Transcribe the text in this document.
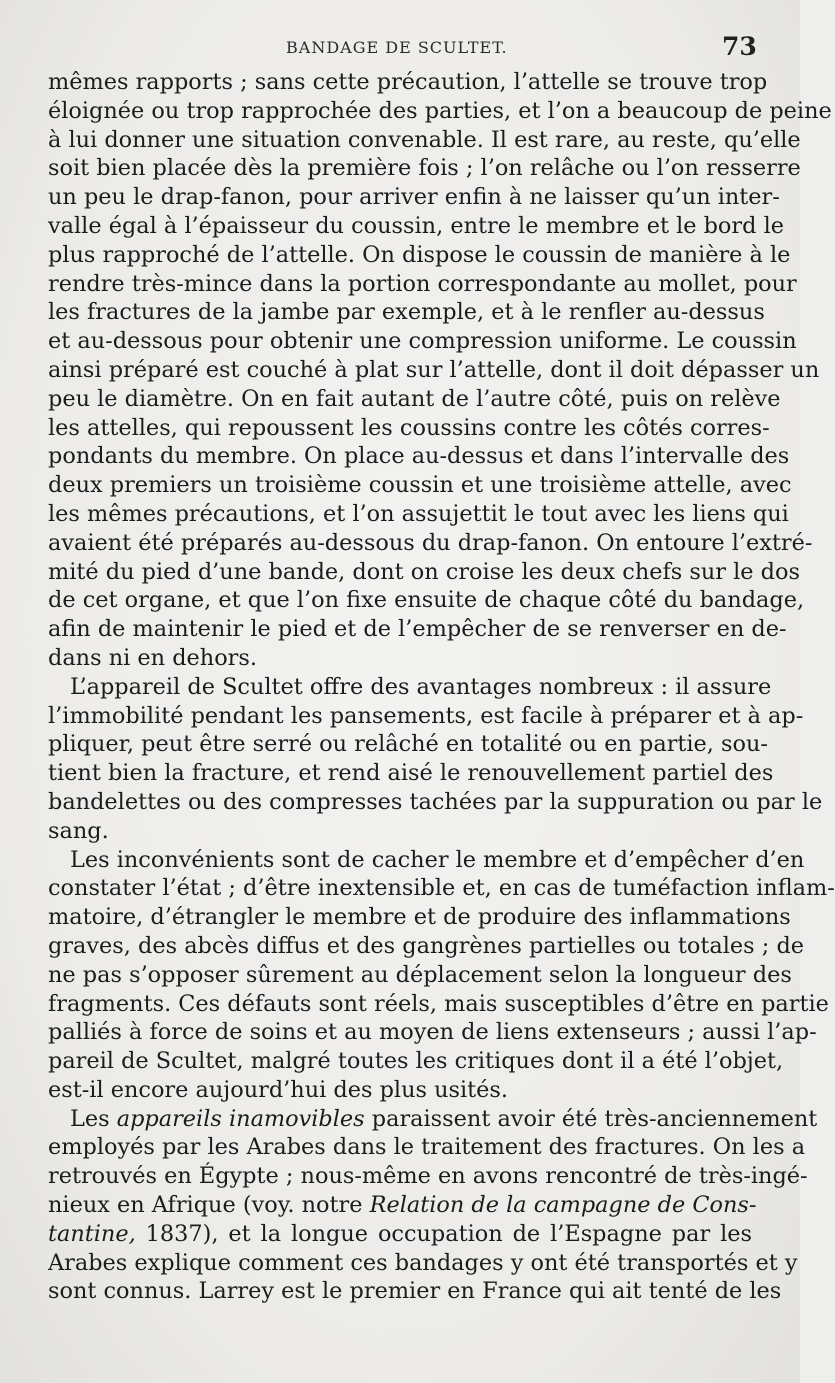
BANDAGE DE SCULTET.	73
mêmes rapports ; sans cette précaution, l’attelle se trouve trop
éloignée ou trop rapprochée des parties, et l’on a beaucoup de peine
à lui donner une situation convenable. Il est rare, au reste, qu’elle
soit bien placée dès la première fois ; l’on relâche ou l’on resserre
un peu le drap-fanon, pour arriver enfin à ne laisser qu’un inter-
valle égal à l’épaisseur du coussin, entre le membre et le bord le
plus rapproché de l’attelle. On dispose le coussin de manière à le
rendre très-mince dans la portion correspondante au mollet, pour
les fractures de la jambe par exemple, et à le renfler au-dessus
et au-dessous pour obtenir une compression uniforme. Le coussin
ainsi préparé est couché à plat sur l’attelle, dont il doit dépasser un
peu le diamètre. On en fait autant de l’autre côté, puis on relève
les attelles, qui repoussent les coussins contre les côtés corres-
pondants du membre. On place au-dessus et dans l’intervalle des
deux premiers un troisième coussin et une troisième attelle, avec
les mêmes précautions, et l’on assujettit le tout avec les liens qui
avaient été préparés au-dessous du drap-fanon. On entoure l’extré-
mité du pied d’une bande, dont on croise les deux chefs sur le dos
de cet organe, et que l’on fixe ensuite de chaque côté du bandage,
afin de maintenir le pied et de l’empêcher de se renverser en de-
dans ni en dehors.
L’appareil de Scultet offre des avantages nombreux : il assure
l’immobilité pendant les pansements, est facile à préparer et à ap-
pliquer, peut être serré ou relâché en totalité ou en partie, sou-
tient bien la fracture, et rend aisé le renouvellement partiel des
bandelettes ou des compresses tachées par la suppuration ou par le
sang.
Les inconvénients sont de cacher le membre et d’empêcher d’en
constater l’état ; d’être inextensible et, en cas de tuméfaction inflam-
matoire, d’étrangler le membre et de produire des inflammations
graves, des abcès diffus et des gangrènes partielles ou totales ; de
ne pas s’opposer sûrement au déplacement selon la longueur des
fragments. Ces défauts sont réels, mais susceptibles d’être en partie
palliés à force de soins et au moyen de liens extenseurs ; aussi l’ap-
pareil de Scultet, malgré toutes les critiques dont il a été l’objet,
est-il encore aujourd’hui des plus usités.
Les appareils inamovibles paraissent avoir été très-anciennement
employés par les Arabes dans le traitement des fractures. On les a
retrouvés en Égypte ; nous-même en avons rencontré de très-ingé-
nieux en Afrique (voy. notre Relation de la campagne de Cons-
tantine, 1837), et la longue occupation de l’Espagne par les
Arabes explique comment ces bandages y ont été transportés et y
sont connus. Larrey est le premier en France qui ait tenté de les
